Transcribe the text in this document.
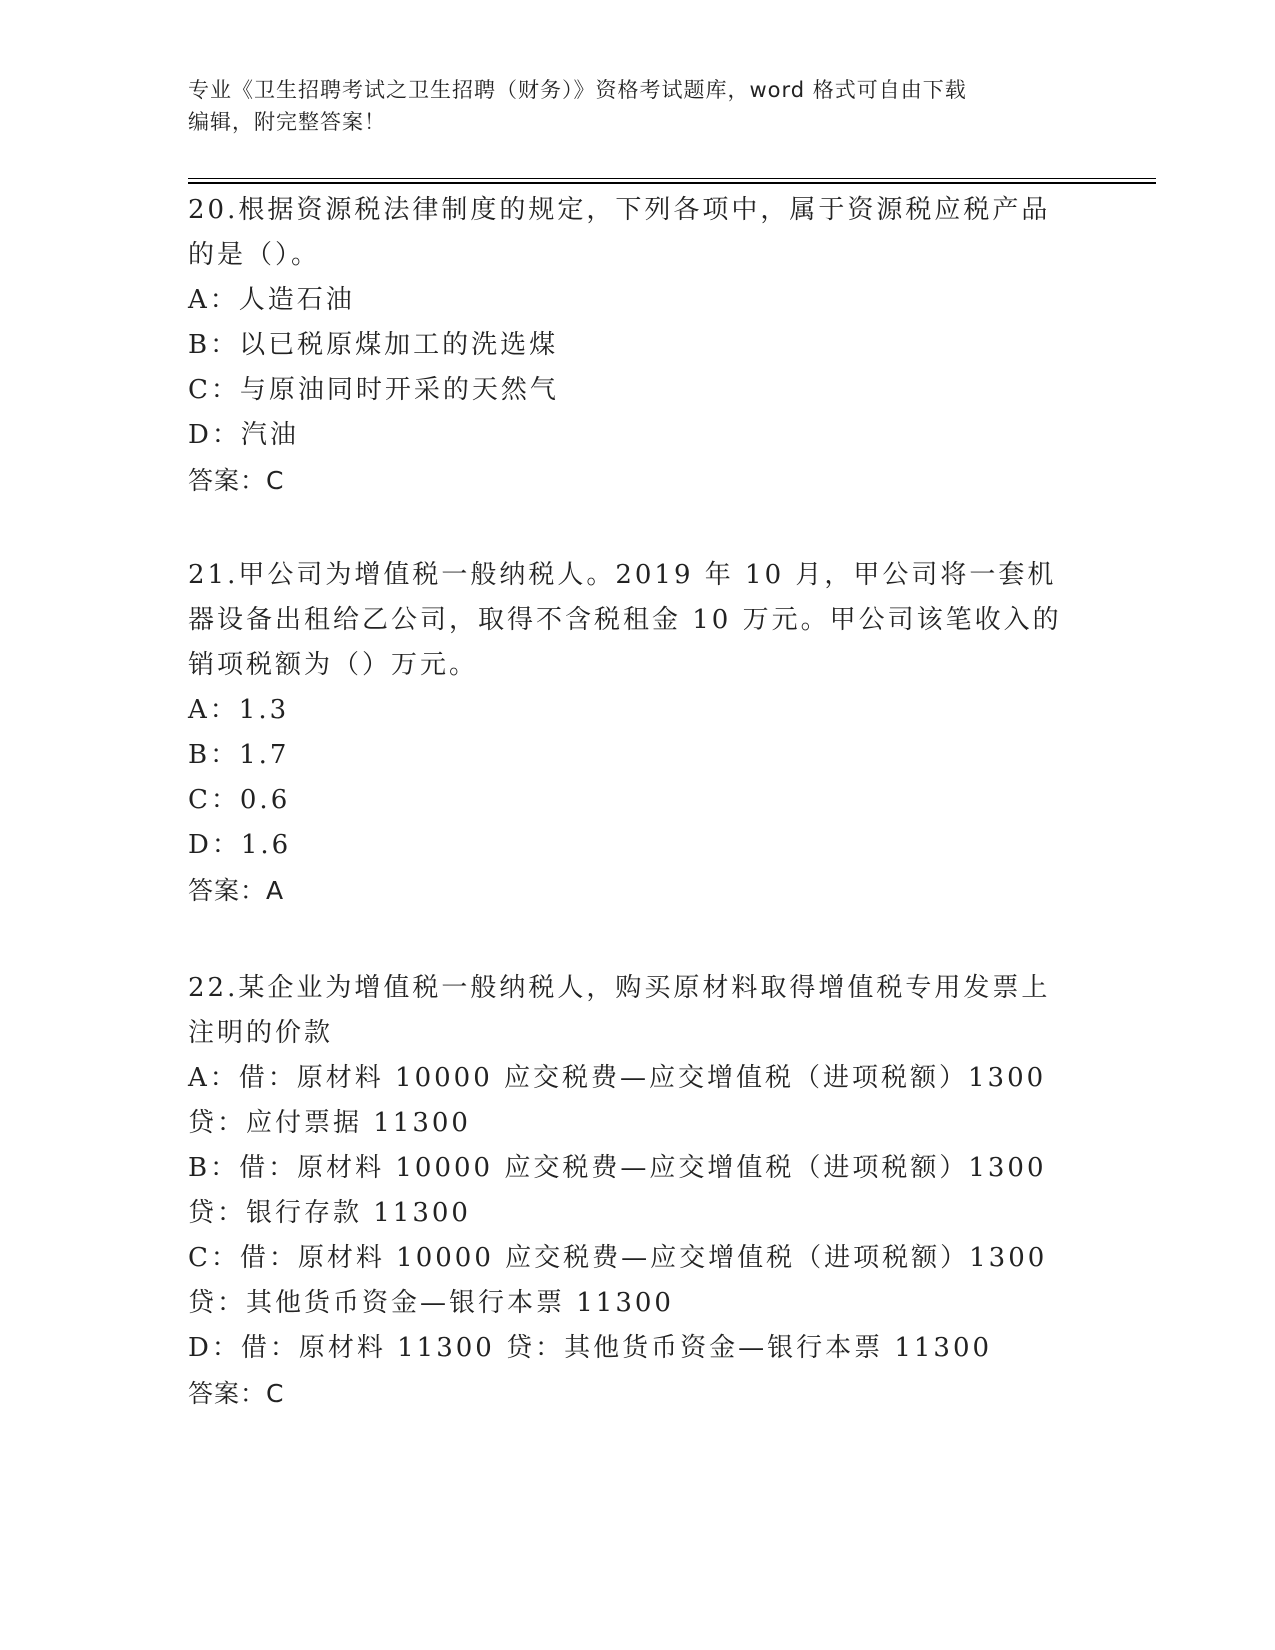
专业《卫生招聘考试之卫生招聘（财务）》资格考试题库，word 格式可自由下载
编辑，附完整答案！
20.根据资源税法律制度的规定，下列各项中，属于资源税应税产品的是（）。
A：人造石油
B：以已税原煤加工的洗选煤
C：与原油同时开采的天然气
D：汽油
答案：C
21.甲公司为增值税一般纳税人。2019 年 10 月，甲公司将一套机器设备出租给乙公司，取得不含税租金 10 万元。甲公司该笔收入的销项税额为（）万元。
A：1.3
B：1.7
C：0.6
D：1.6
答案：A
22.某企业为增值税一般纳税人，购买原材料取得增值税专用发票上注明的价款
A：借：原材料 10000 应交税费—应交增值税（进项税额）1300 贷：应付票据 11300
B：借：原材料 10000 应交税费—应交增值税（进项税额）1300 贷：银行存款 11300
C：借：原材料 10000 应交税费—应交增值税（进项税额）1300 贷：其他货币资金—银行本票 11300
D：借：原材料 11300 贷：其他货币资金—银行本票 11300
答案：C
